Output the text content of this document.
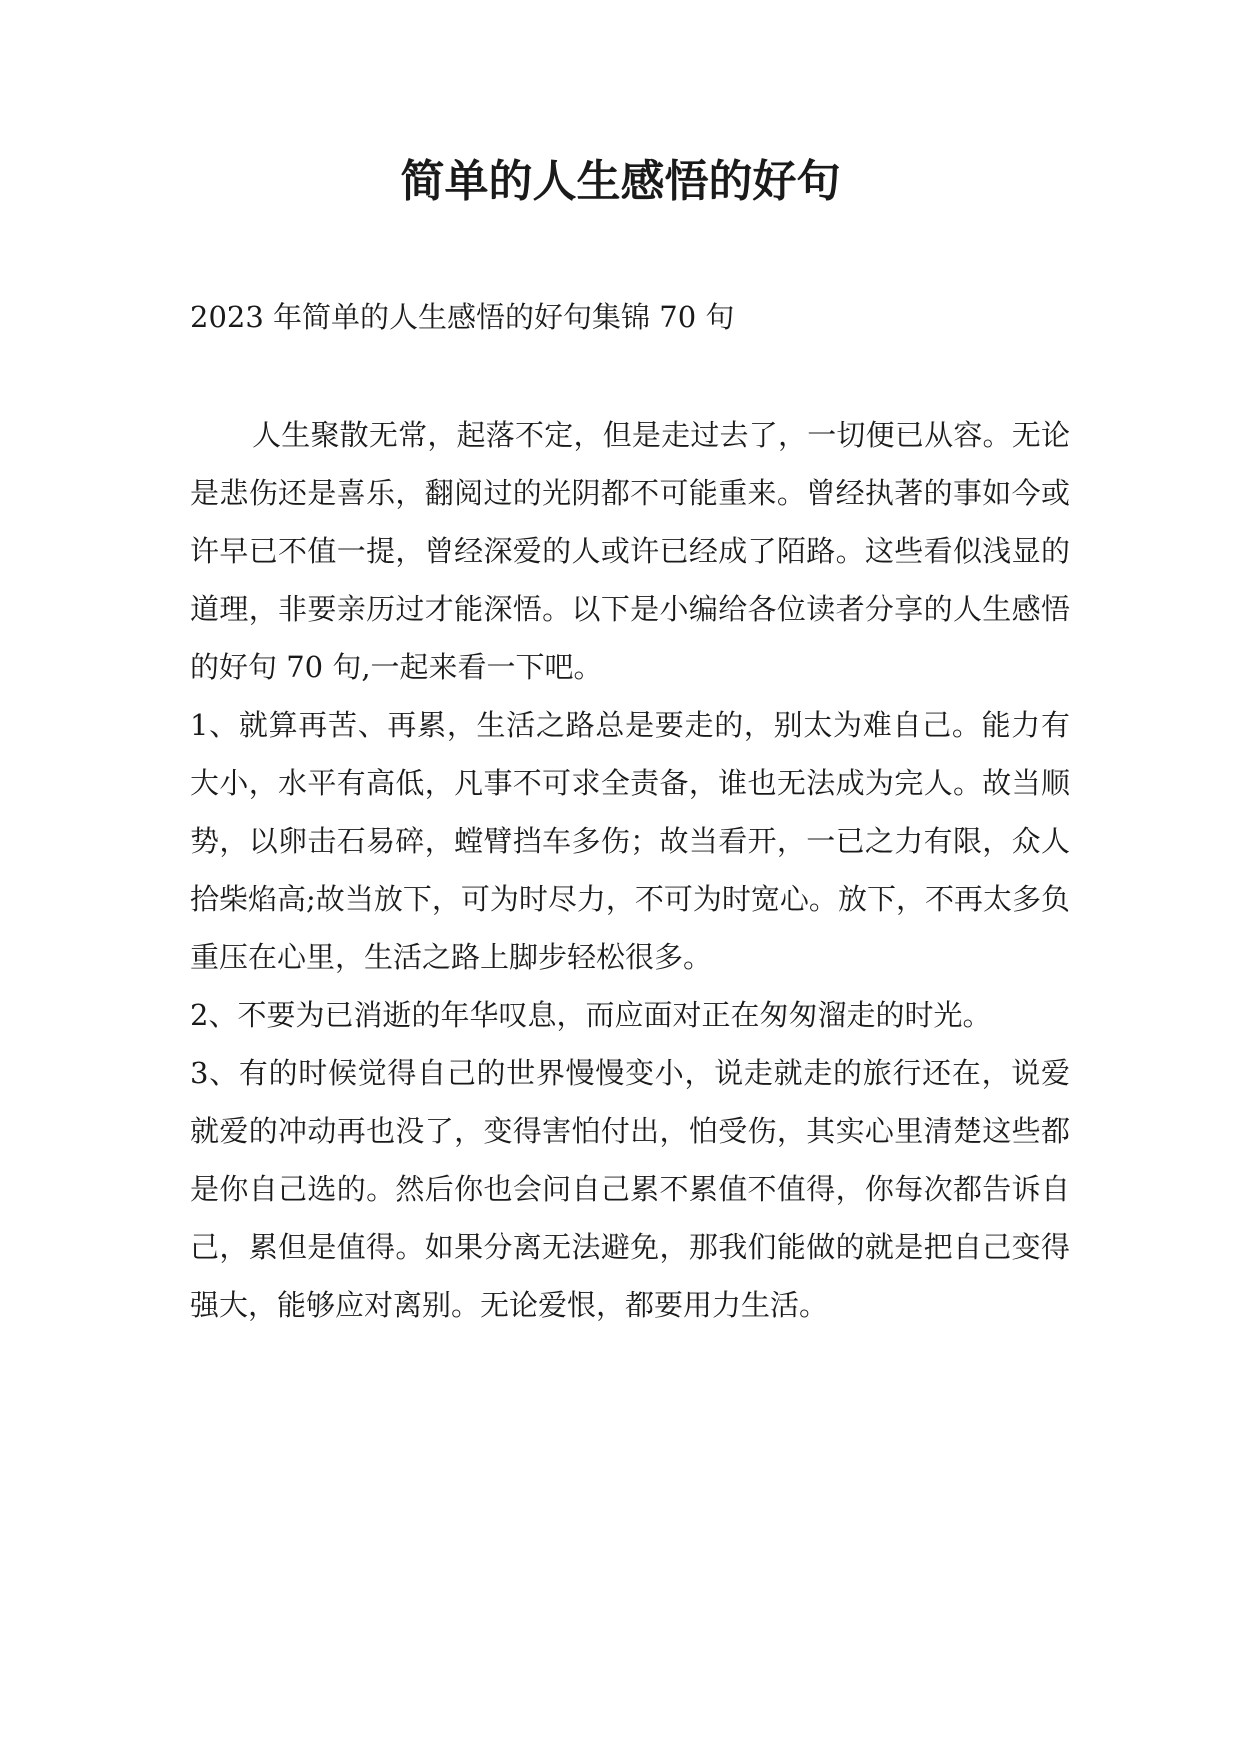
简单的人生感悟的好句

2023 年简单的人生感悟的好句集锦 70 句

人生聚散无常，起落不定，但是走过去了，一切便已从容。无论是悲伤还是喜乐，翻阅过的光阴都不可能重来。曾经执著的事如今或许早已不值一提，曾经深爱的人或许已经成了陌路。这些看似浅显的道理，非要亲历过才能深悟。以下是小编给各位读者分享的人生感悟的好句 70 句,一起来看一下吧。

1、就算再苦、再累，生活之路总是要走的，别太为难自己。能力有大小，水平有高低，凡事不可求全责备，谁也无法成为完人。故当顺势，以卵击石易碎，螳臂挡车多伤；故当看开，一已之力有限，众人拾柴焰高;故当放下，可为时尽力，不可为时宽心。放下，不再太多负重压在心里，生活之路上脚步轻松很多。

2、不要为已消逝的年华叹息，而应面对正在匆匆溜走的时光。

3、有的时候觉得自己的世界慢慢变小，说走就走的旅行还在，说爱就爱的冲动再也没了，变得害怕付出，怕受伤，其实心里清楚这些都是你自己选的。然后你也会问自己累不累值不值得，你每次都告诉自己，累但是值得。如果分离无法避免，那我们能做的就是把自己变得强大，能够应对离别。无论爱恨，都要用力生活。
